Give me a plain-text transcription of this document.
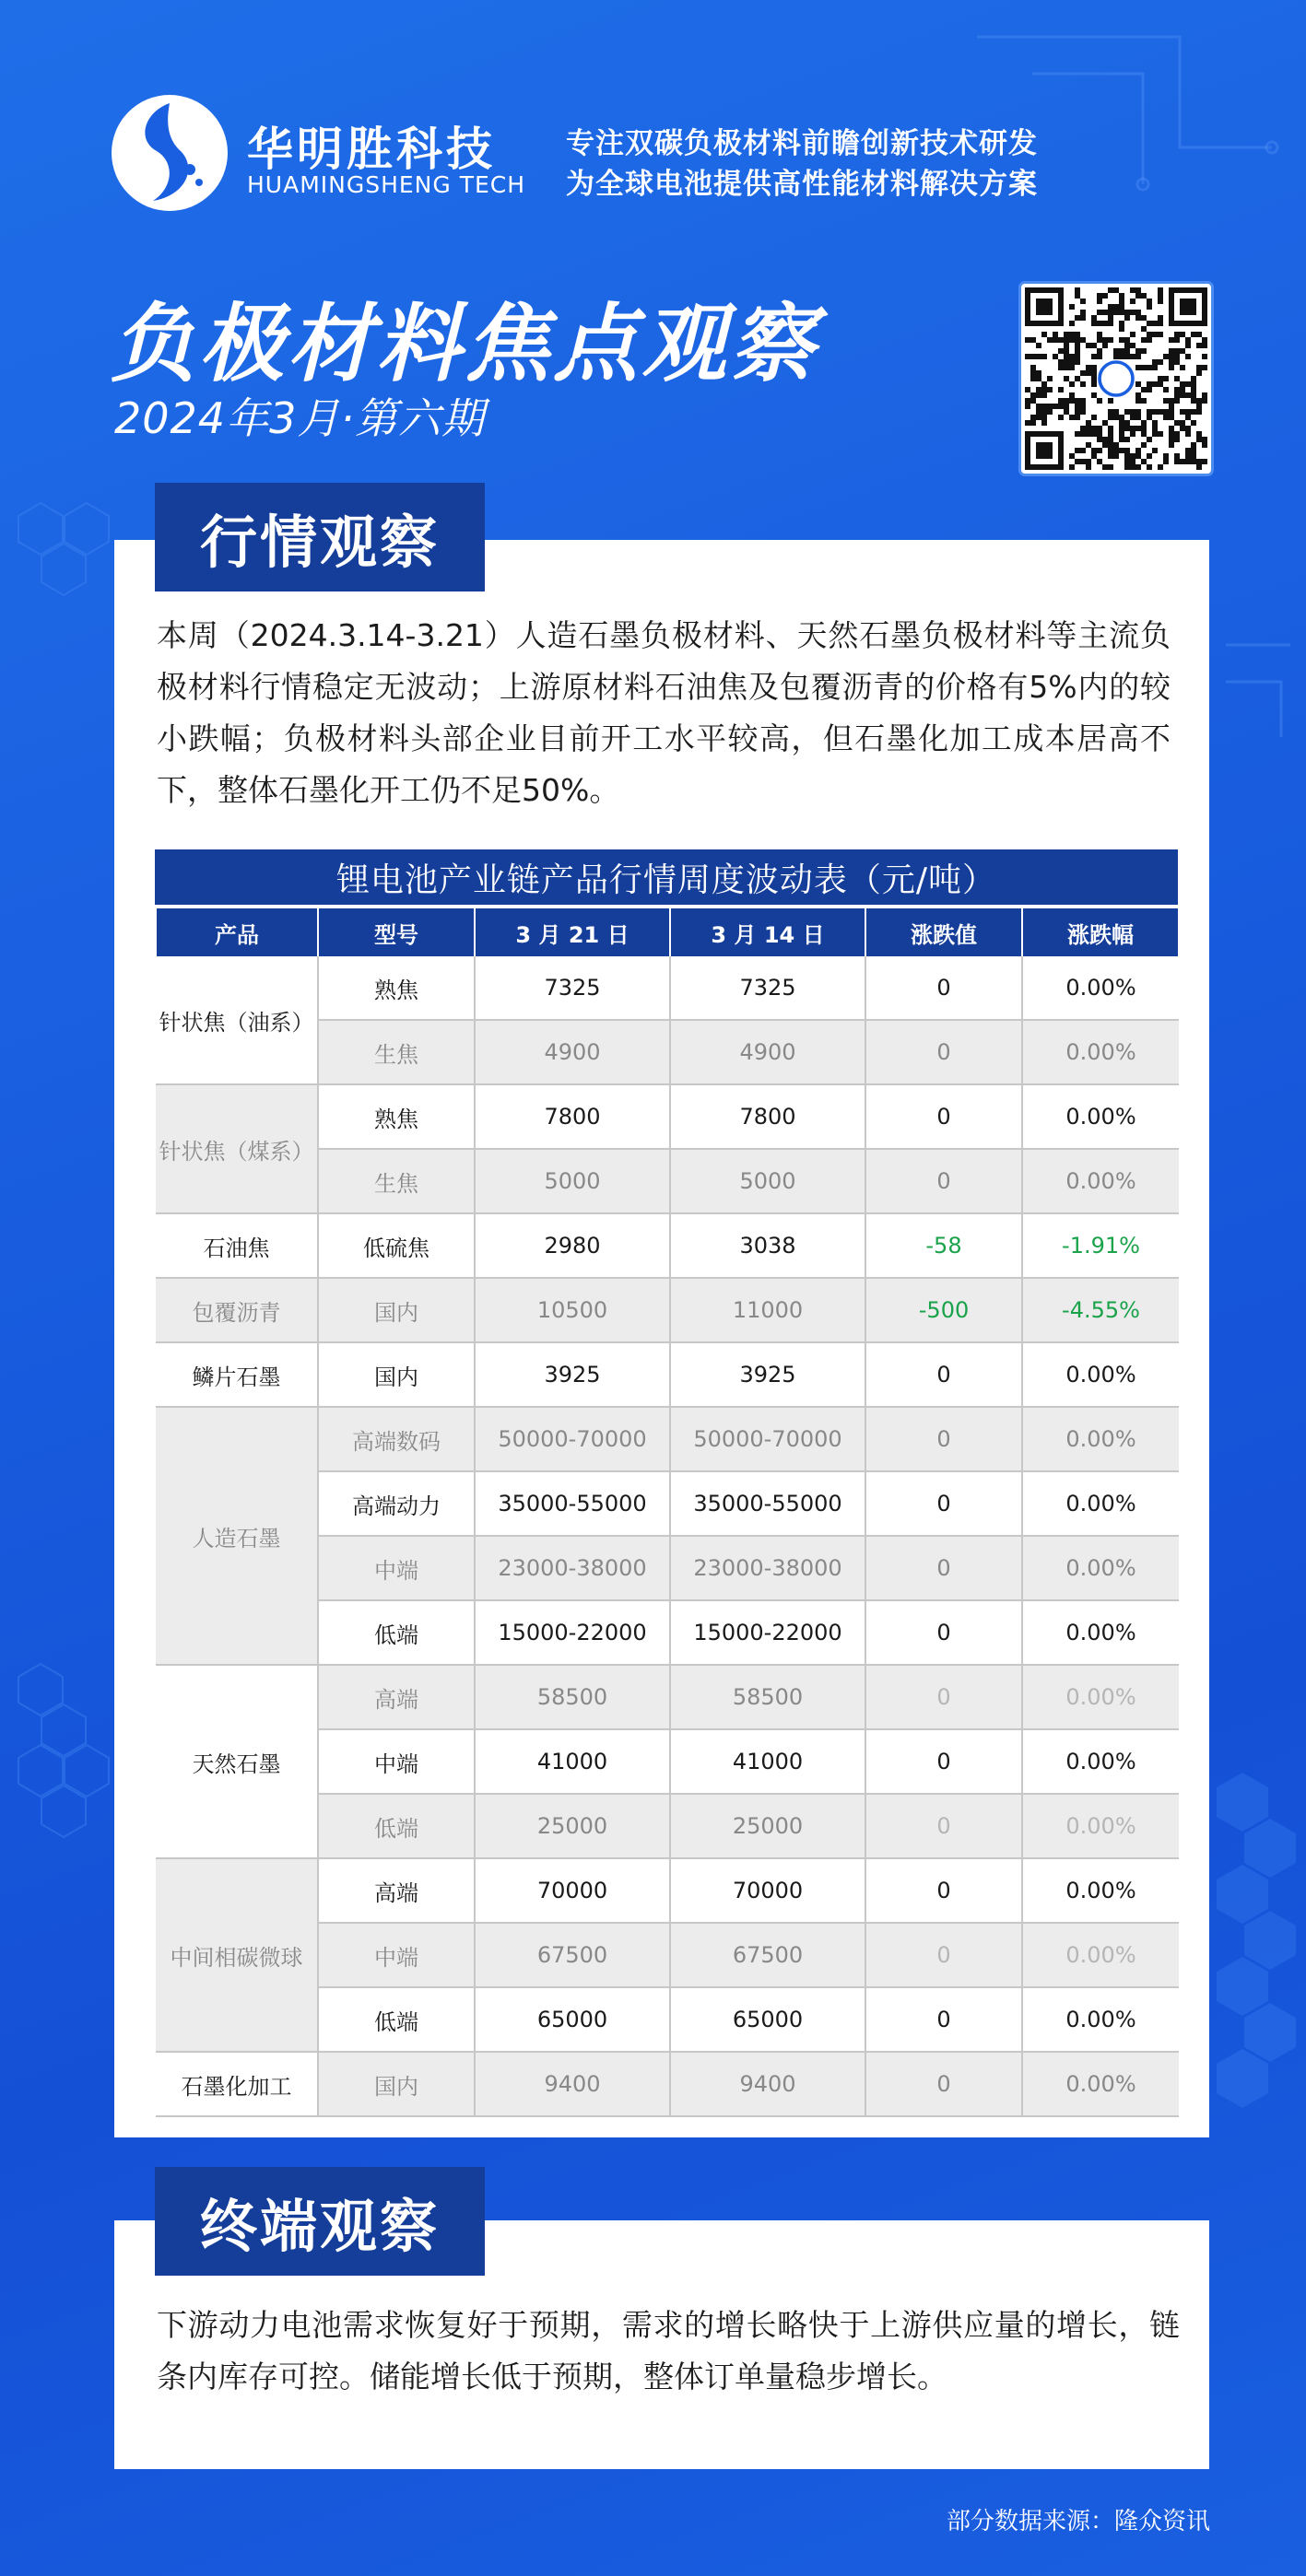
华明胜科技
HUAMINGSHENG TECH
专注双碳负极材料前瞻创新技术研发
为全球电池提供高性能材料解决方案
负极材料焦点观察
2024年3月·第六期
行情观察
本周（2024.3.14-3.21）人造石墨负极材料、天然石墨负极材料等主流负极材料行情稳定无波动；上游原材料石油焦及包覆沥青的价格有5%内的较小跌幅；负极材料头部企业目前开工水平较高，但石墨化加工成本居高不下，整体石墨化开工仍不足50%。
锂电池产业链产品行情周度波动表（元/吨）
产品	型号	3 月 21 日	3 月 14 日	涨跌值	涨跌幅
针状焦（油系）	熟焦	7325	7325	0	0.00%
	生焦	4900	4900	0	0.00%
针状焦（煤系）	熟焦	7800	7800	0	0.00%
	生焦	5000	5000	0	0.00%
石油焦	低硫焦	2980	3038	-58	-1.91%
包覆沥青	国内	10500	11000	-500	-4.55%
鳞片石墨	国内	3925	3925	0	0.00%
人造石墨	高端数码	50000-70000	50000-70000	0	0.00%
	高端动力	35000-55000	35000-55000	0	0.00%
	中端	23000-38000	23000-38000	0	0.00%
	低端	15000-22000	15000-22000	0	0.00%
天然石墨	高端	58500	58500	0	0.00%
	中端	41000	41000	0	0.00%
	低端	25000	25000	0	0.00%
中间相碳微球	高端	70000	70000	0	0.00%
	中端	67500	67500	0	0.00%
	低端	65000	65000	0	0.00%
石墨化加工	国内	9400	9400	0	0.00%
终端观察
下游动力电池需求恢复好于预期，需求的增长略快于上游供应量的增长，链条内库存可控。储能增长低于预期，整体订单量稳步增长。
部分数据来源：隆众资讯
